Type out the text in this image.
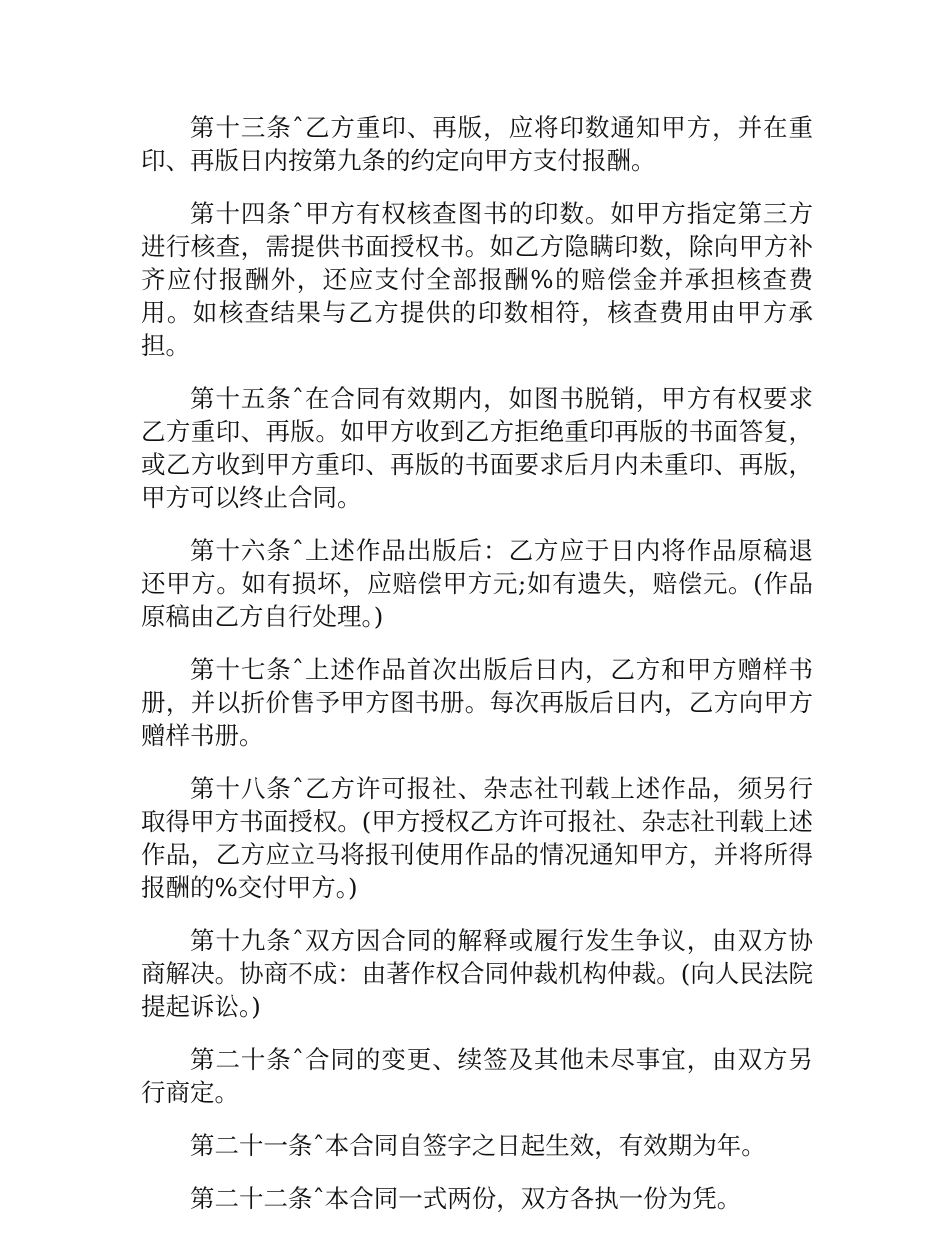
第十三条ˆ乙方重印、再版，应将印数通知甲方，并在重印、再版日内按第九条的约定向甲方支付报酬。

第十四条ˆ甲方有权核查图书的印数。如甲方指定第三方进行核查，需提供书面授权书。如乙方隐瞒印数，除向甲方补齐应付报酬外，还应支付全部报酬%的赔偿金并承担核查费用。如核查结果与乙方提供的印数相符，核查费用由甲方承担。

第十五条ˆ在合同有效期内，如图书脱销，甲方有权要求乙方重印、再版。如甲方收到乙方拒绝重印再版的书面答复，或乙方收到甲方重印、再版的书面要求后月内未重印、再版，甲方可以终止合同。

第十六条ˆ上述作品出版后：乙方应于日内将作品原稿退还甲方。如有损坏，应赔偿甲方元;如有遗失，赔偿元。(作品原稿由乙方自行处理。)

第十七条ˆ上述作品首次出版后日内，乙方和甲方赠样书册，并以折价售予甲方图书册。每次再版后日内，乙方向甲方赠样书册。

第十八条ˆ乙方许可报社、杂志社刊载上述作品，须另行取得甲方书面授权。(甲方授权乙方许可报社、杂志社刊载上述作品，乙方应立马将报刊使用作品的情况通知甲方，并将所得报酬的%交付甲方。)

第十九条ˆ双方因合同的解释或履行发生争议，由双方协商解决。协商不成：由著作权合同仲裁机构仲裁。(向人民法院提起诉讼。)

第二十条ˆ合同的变更、续签及其他未尽事宜，由双方另行商定。

第二十一条ˆ本合同自签字之日起生效，有效期为年。

第二十二条ˆ本合同一式两份，双方各执一份为凭。
